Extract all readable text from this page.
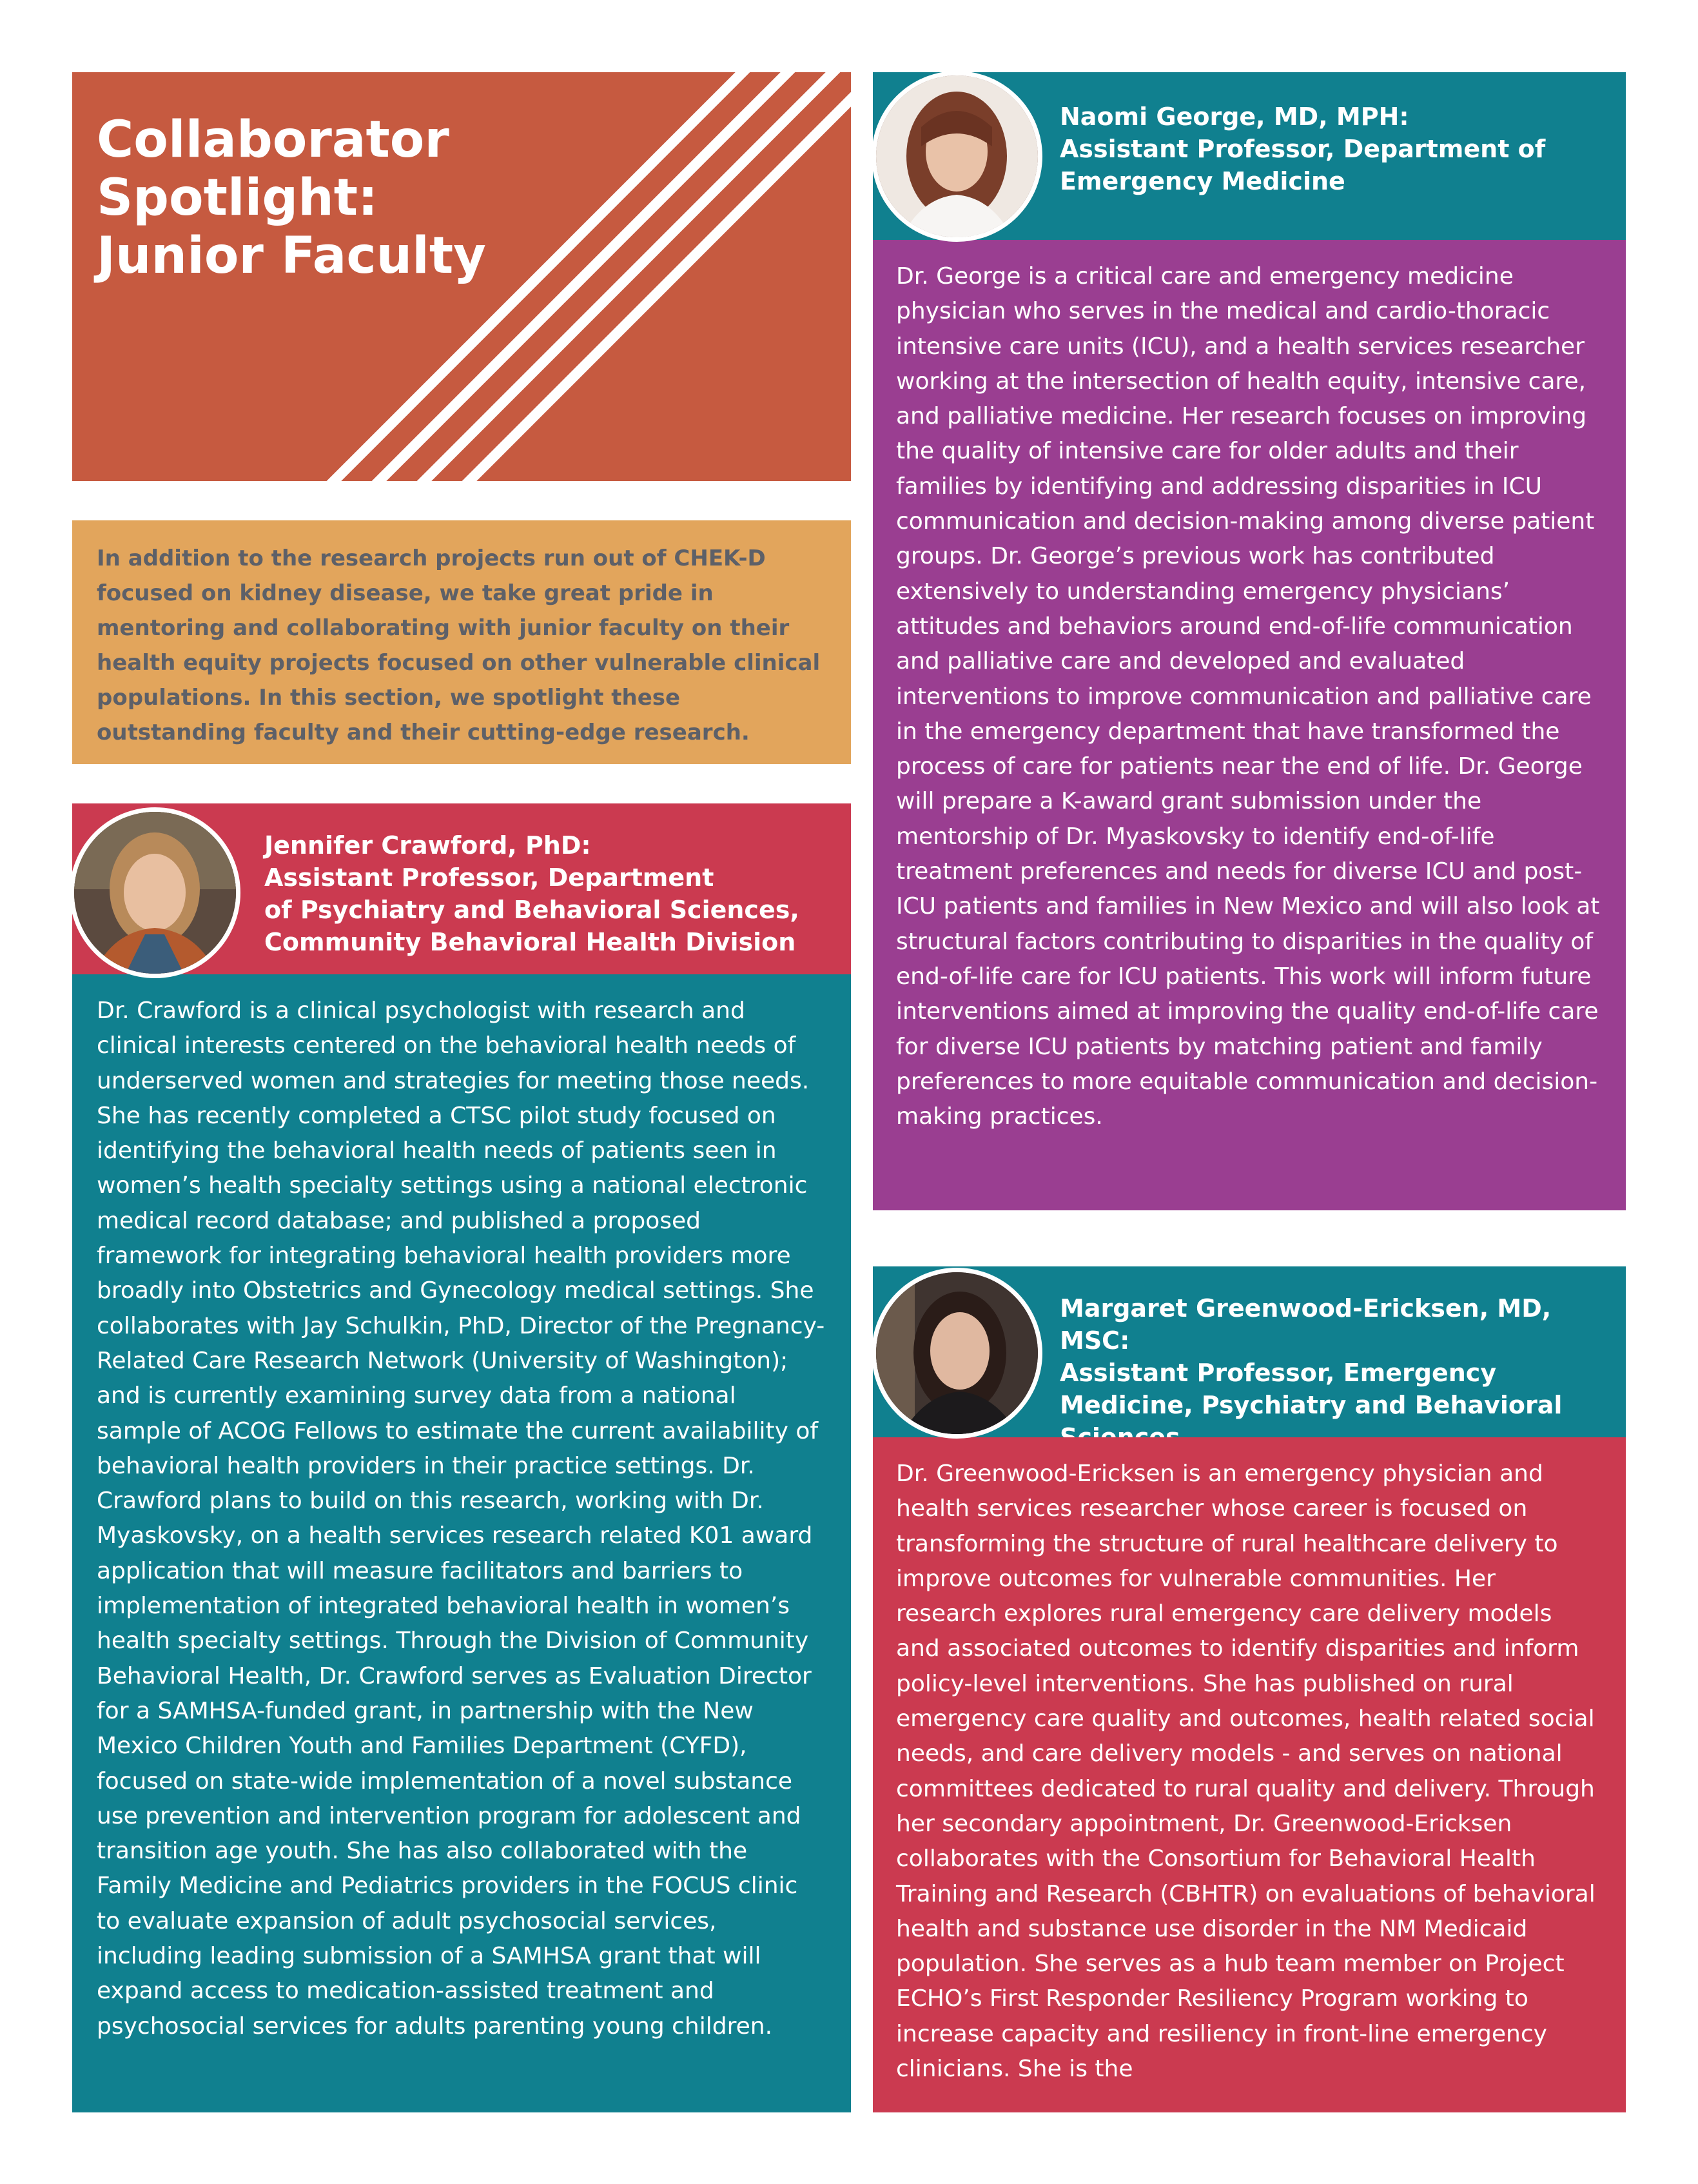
Collaborator
Spotlight:
Junior Faculty

In addition to the research projects run out of CHEK-D focused on kidney disease, we take great pride in mentoring and collaborating with junior faculty on their health equity projects focused on other vulnerable clinical populations. In this section, we spotlight these outstanding faculty and their cutting-edge research.

Jennifer Crawford, PhD:
Assistant Professor, Department
of Psychiatry and Behavioral Sciences,
Community Behavioral Health Division

Dr. Crawford is a clinical psychologist with research and clinical interests centered on the behavioral health needs of underserved women and strategies for meeting those needs. She has recently completed a CTSC pilot study focused on identifying the behavioral health needs of patients seen in women’s health specialty settings using a national electronic medical record database; and published a proposed framework for integrating behavioral health providers more broadly into Obstetrics and Gynecology medical settings. She collaborates with Jay Schulkin, PhD, Director of the Pregnancy-Related Care Research Network (University of Washington); and is currently examining survey data from a national sample of ACOG Fellows to estimate the current availability of behavioral health providers in their practice settings. Dr. Crawford plans to build on this research, working with Dr. Myaskovsky, on a health services research related K01 award application that will measure facilitators and barriers to implementation of integrated behavioral health in women’s health specialty settings. Through the Division of Community Behavioral Health, Dr. Crawford serves as Evaluation Director for a SAMHSA-funded grant, in partnership with the New Mexico Children Youth and Families Department (CYFD), focused on state-wide implementation of a novel substance use prevention and intervention program for adolescent and transition age youth. She has also collaborated with the Family Medicine and Pediatrics providers in the FOCUS clinic to evaluate expansion of adult psychosocial services, including leading submission of a SAMHSA grant that will expand access to medication-assisted treatment and psychosocial services for adults parenting young children.

Naomi George, MD, MPH:
Assistant Professor, Department of
Emergency Medicine

Dr. George is a critical care and emergency medicine physician who serves in the medical and cardio-thoracic intensive care units (ICU), and a health services researcher working at the intersection of health equity, intensive care, and palliative medicine. Her research focuses on improving the quality of intensive care for older adults and their families by identifying and addressing disparities in ICU communication and decision-making among diverse patient groups. Dr. George’s previous work has contributed extensively to understanding emergency physicians’ attitudes and behaviors around end-of-life communication and palliative care and developed and evaluated interventions to improve communication and palliative care in the emergency department that have transformed the process of care for patients near the end of life. Dr. George will prepare a K-award grant submission under the mentorship of Dr. Myaskovsky to identify end-of-life treatment preferences and needs for diverse ICU and post-ICU patients and families in New Mexico and will also look at structural factors contributing to disparities in the quality of end-of-life care for ICU patients. This work will inform future interventions aimed at improving the quality end-of-life care for diverse ICU patients by matching patient and family preferences to more equitable communication and decision-making practices.

Margaret Greenwood-Ericksen, MD, MSC:
Assistant Professor, Emergency
Medicine, Psychiatry and Behavioral

Dr. Greenwood-Ericksen is an emergency physician and health services researcher whose career is focused on transforming the structure of rural healthcare delivery to improve outcomes for vulnerable communities. Her research explores rural emergency care delivery models and associated outcomes to identify disparities and inform policy-level interventions. She has published on rural emergency care quality and outcomes, health related social needs, and care delivery models - and serves on national committees dedicated to rural quality and delivery. Through her secondary appointment, Dr. Greenwood-Ericksen collaborates with the Consortium for Behavioral Health Training and Research (CBHTR) on evaluations of behavioral health and substance use disorder in the NM Medicaid population. She serves as a hub team member on Project ECHO’s First Responder Resiliency Program working to increase capacity and resiliency in front-line emergency clinicians. She is the
